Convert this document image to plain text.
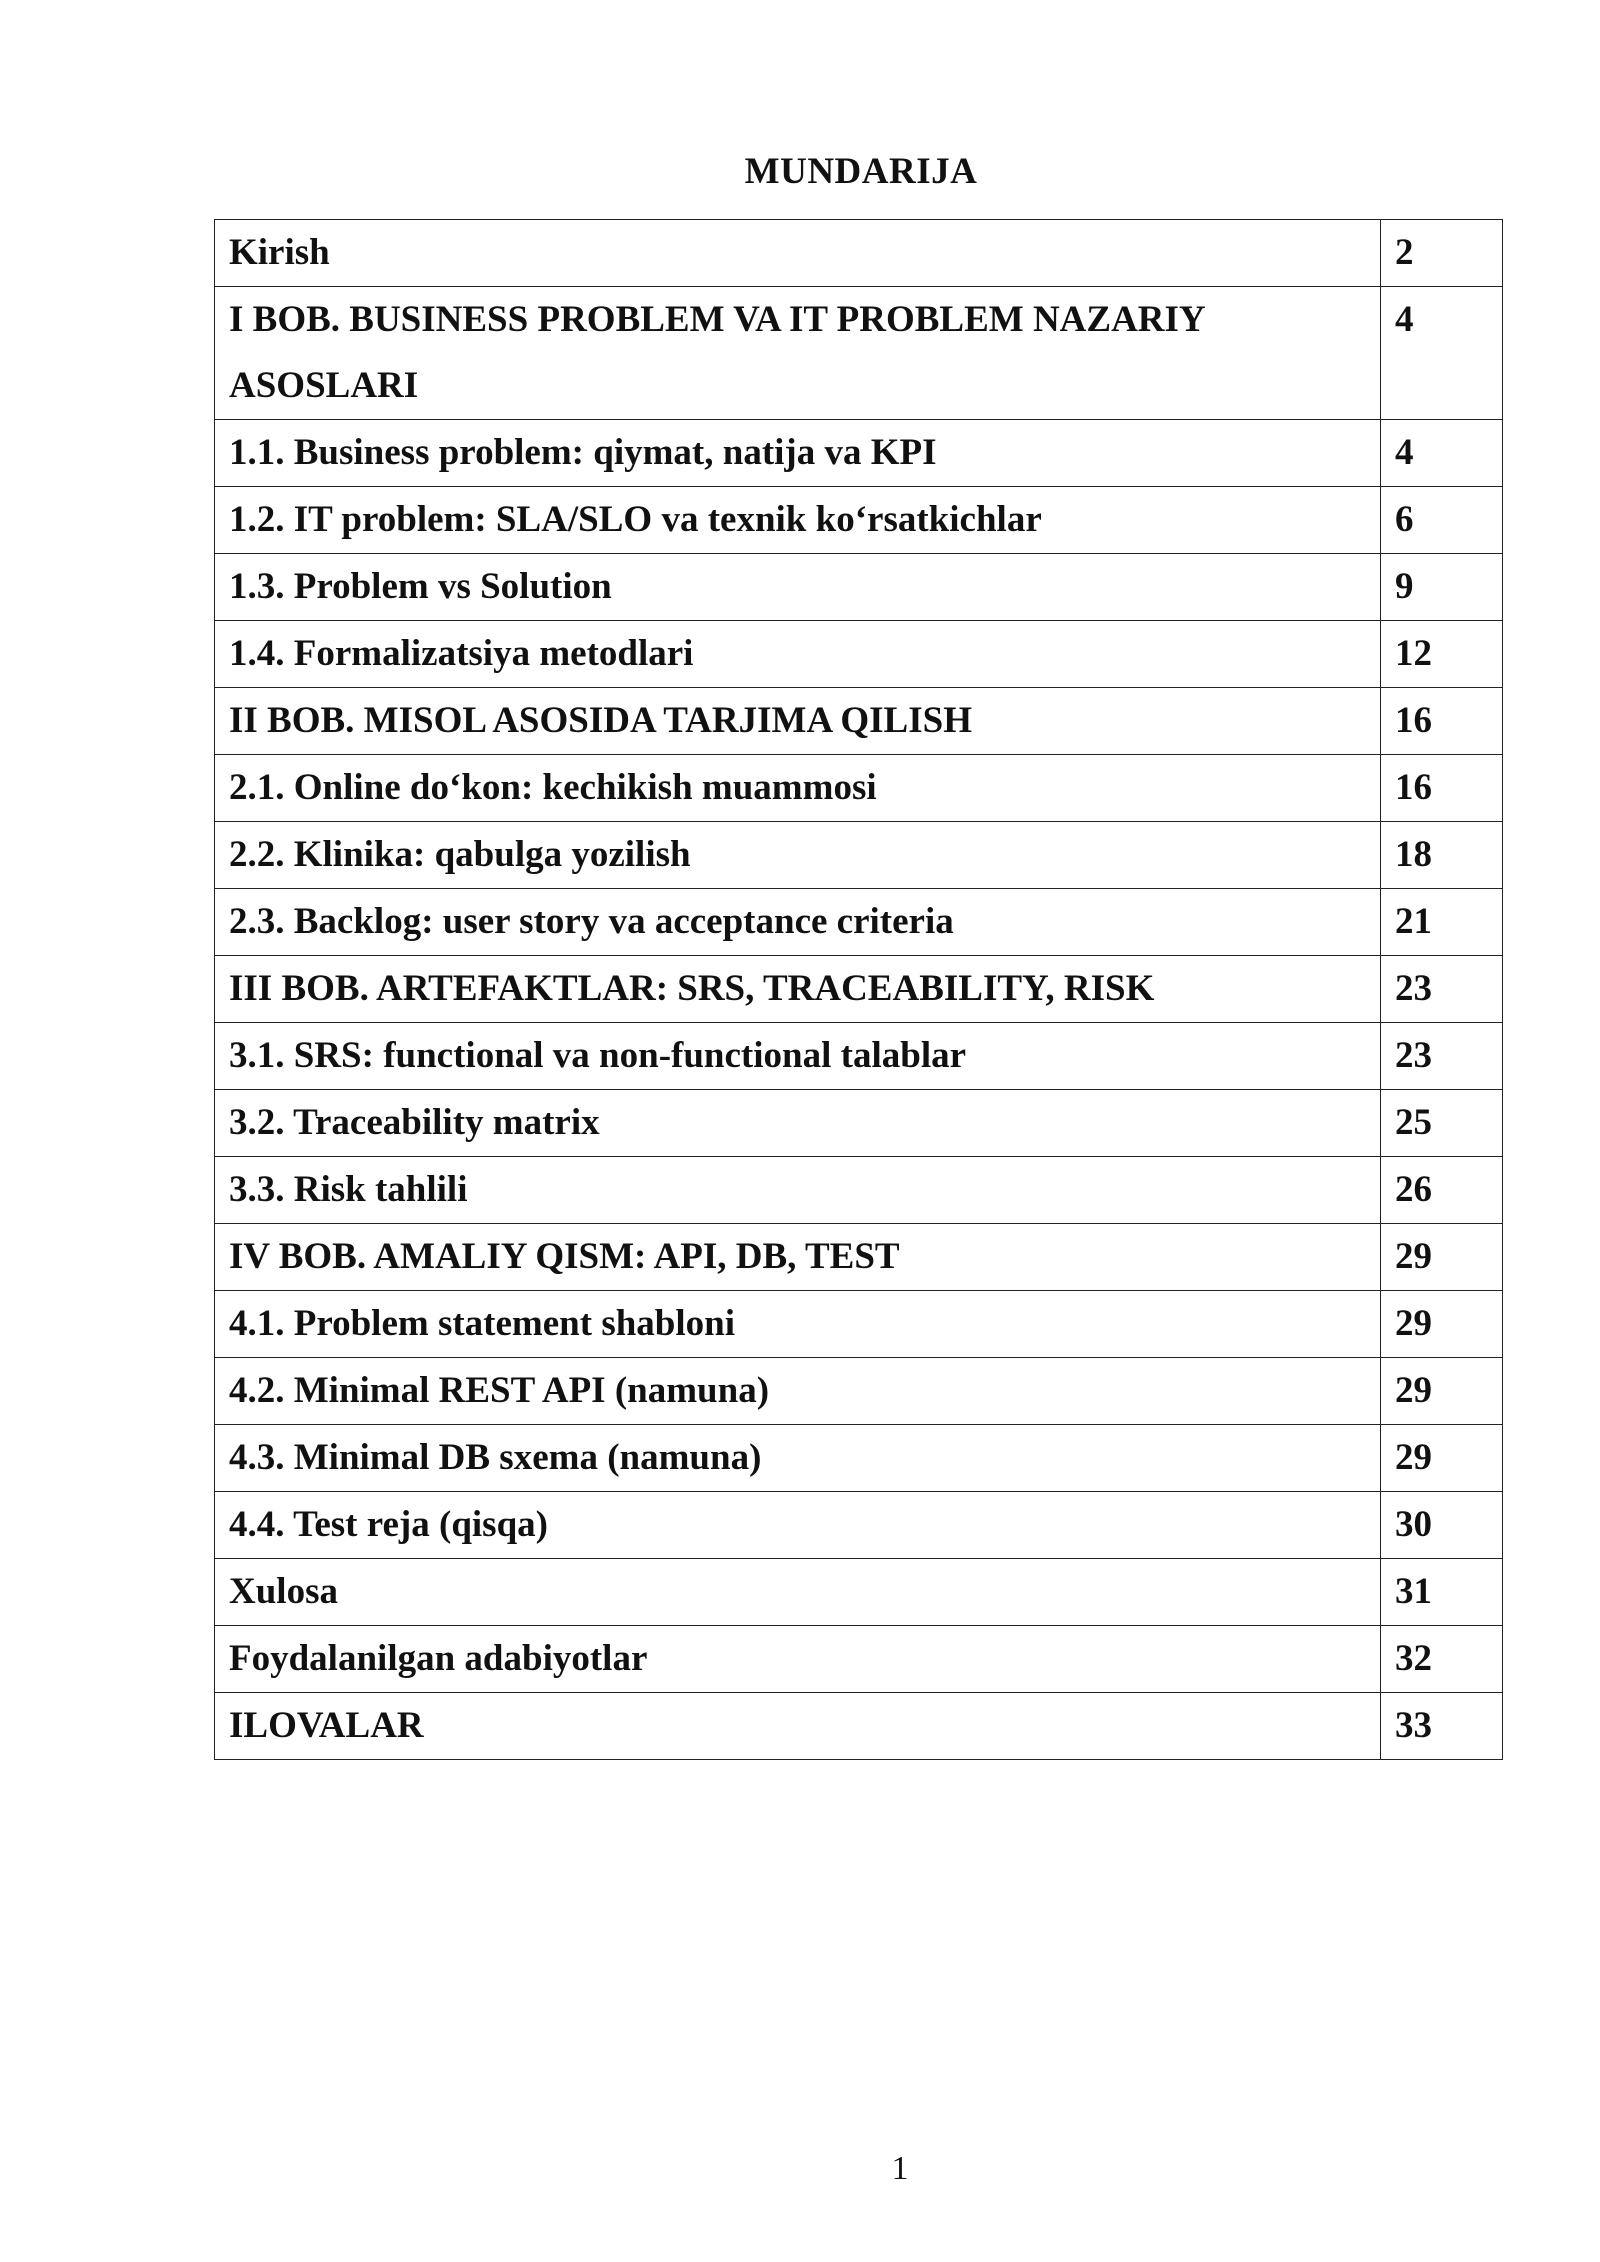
MUNDARIJA
Kirish	2
I BOB. BUSINESS PROBLEM VA IT PROBLEM NAZARIY ASOSLARI	4
1.1. Business problem: qiymat, natija va KPI	4
1.2. IT problem: SLA/SLO va texnik koʻrsatkichlar	6
1.3. Problem vs Solution	9
1.4. Formalizatsiya metodlari	12
II BOB. MISOL ASOSIDA TARJIMA QILISH	16
2.1. Online doʻkon: kechikish muammosi	16
2.2. Klinika: qabulga yozilish	18
2.3. Backlog: user story va acceptance criteria	21
III BOB. ARTEFAKTLAR: SRS, TRACEABILITY, RISK	23
3.1. SRS: functional va non-functional talablar	23
3.2. Traceability matrix	25
3.3. Risk tahlili	26
IV BOB. AMALIY QISM: API, DB, TEST	29
4.1. Problem statement shabloni	29
4.2. Minimal REST API (namuna)	29
4.3. Minimal DB sxema (namuna)	29
4.4. Test reja (qisqa)	30
Xulosa	31
Foydalanilgan adabiyotlar	32
ILOVALAR	33
1
